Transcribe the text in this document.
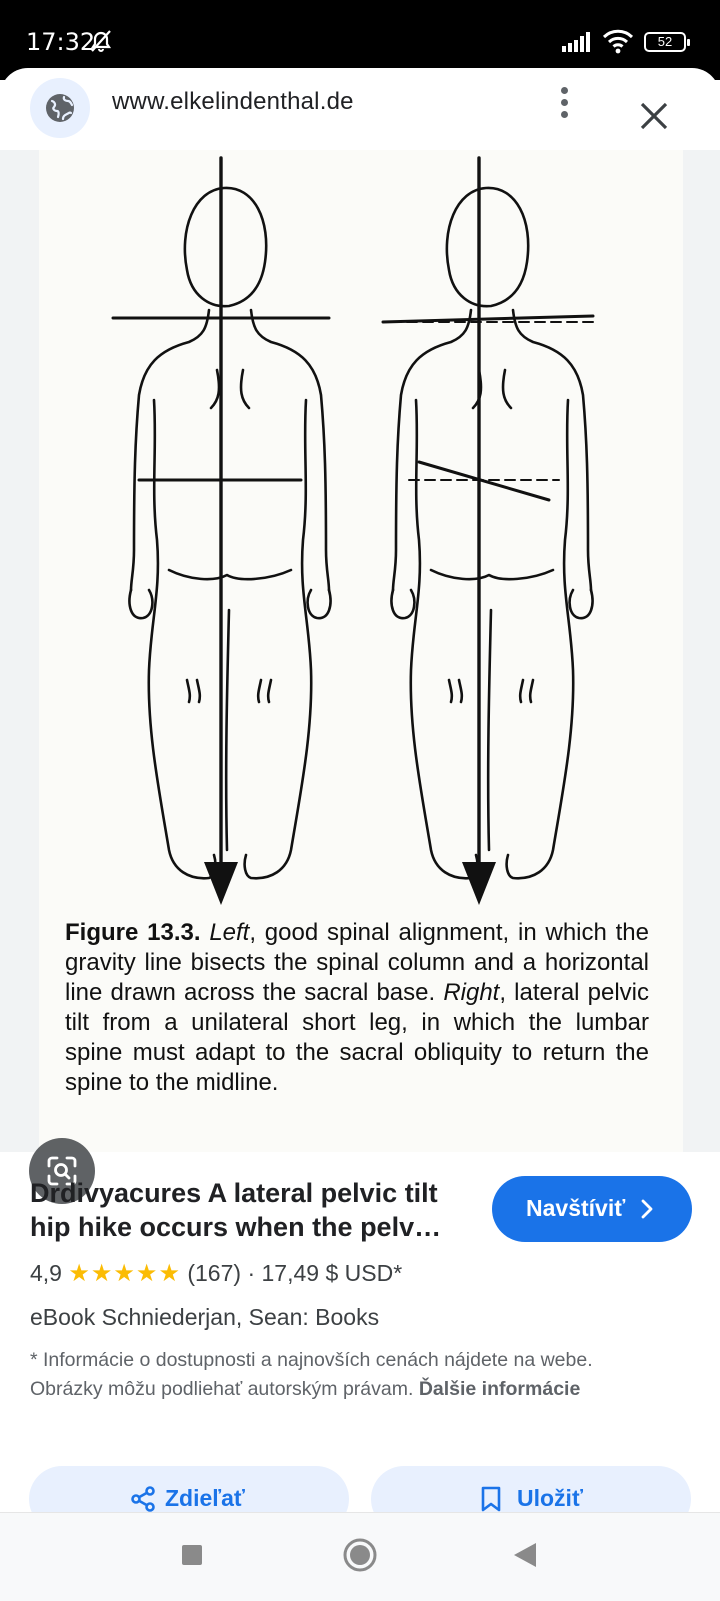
17:32	52
www.elkelindenthal.de
Figure 13.3. Left, good spinal alignment, in which the gravity line bisects the spinal column and a horizontal line drawn across the sacral base. Right, lateral pelvic tilt from a unilateral short leg, in which the lumbar spine must adapt to the sacral obliquity to return the spine to the midline.
Drdivyacures A lateral pelvic tilt hip hike occurs when the pelv…
Navštíviť
4,9 ★★★★★ (167) · 17,49 $ USD*
eBook Schniederjan, Sean: Books
* Informácie o dostupnosti a najnovších cenách nájdete na webe. Obrázky môžu podliehať autorským právam. Ďalšie informácie
Zdieľať	Uložiť
